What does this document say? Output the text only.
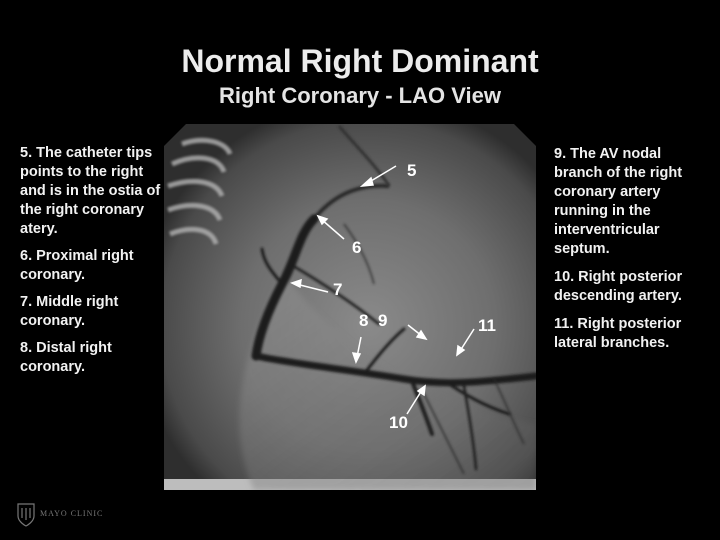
Normal Right Dominant
Right Coronary - LAO View

5. The catheter tips points to the right and is in the ostia of the right coronary atery.

6. Proximal right coronary.

7. Middle right coronary.

8. Distal right coronary.

9. The AV nodal branch of the right coronary artery running in the interventricular septum.

10. Right posterior descending artery.

11. Right posterior lateral branches.

5
6
7
8 9	11
10
MAYO CLINIC
